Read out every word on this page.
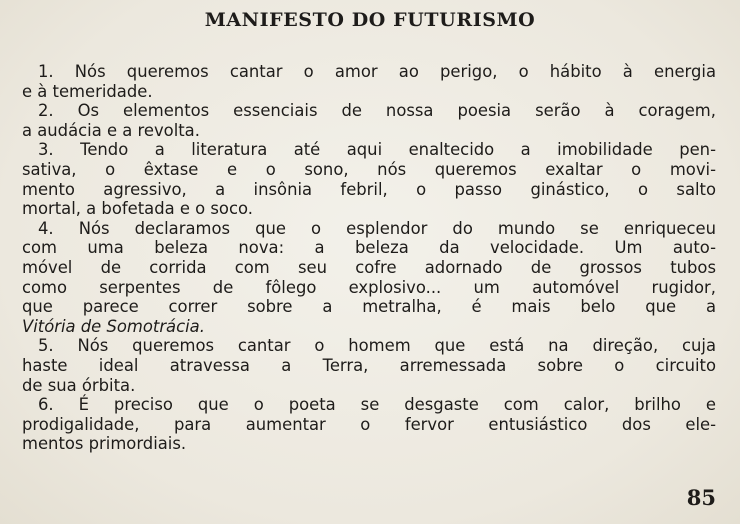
MANIFESTO DO FUTURISMO
1. Nós queremos cantar o amor ao perigo, o hábito à energia
e à temeridade.
2. Os elementos essenciais de nossa poesia serão à coragem,
a audácia e a revolta.
3. Tendo a literatura até aqui enaltecido a imobilidade pen-
sativa, o êxtase e o sono, nós queremos exaltar o movi-
mento agressivo, a insônia febril, o passo ginástico, o salto
mortal, a bofetada e o soco.
4. Nós declaramos que o esplendor do mundo se enriqueceu
com uma beleza nova: a beleza da velocidade. Um auto-
móvel de corrida com seu cofre adornado de grossos tubos
como serpentes de fôlego explosivo... um automóvel rugidor,
que parece correr sobre a metralha, é mais belo que a
Vitória de Somotrácia.
5. Nós queremos cantar o homem que está na direção, cuja
haste ideal atravessa a Terra, arremessada sobre o circuito
de sua órbita.
6. É preciso que o poeta se desgaste com calor, brilho e
prodigalidade, para aumentar o fervor entusiástico dos ele-
mentos primordiais.
85
